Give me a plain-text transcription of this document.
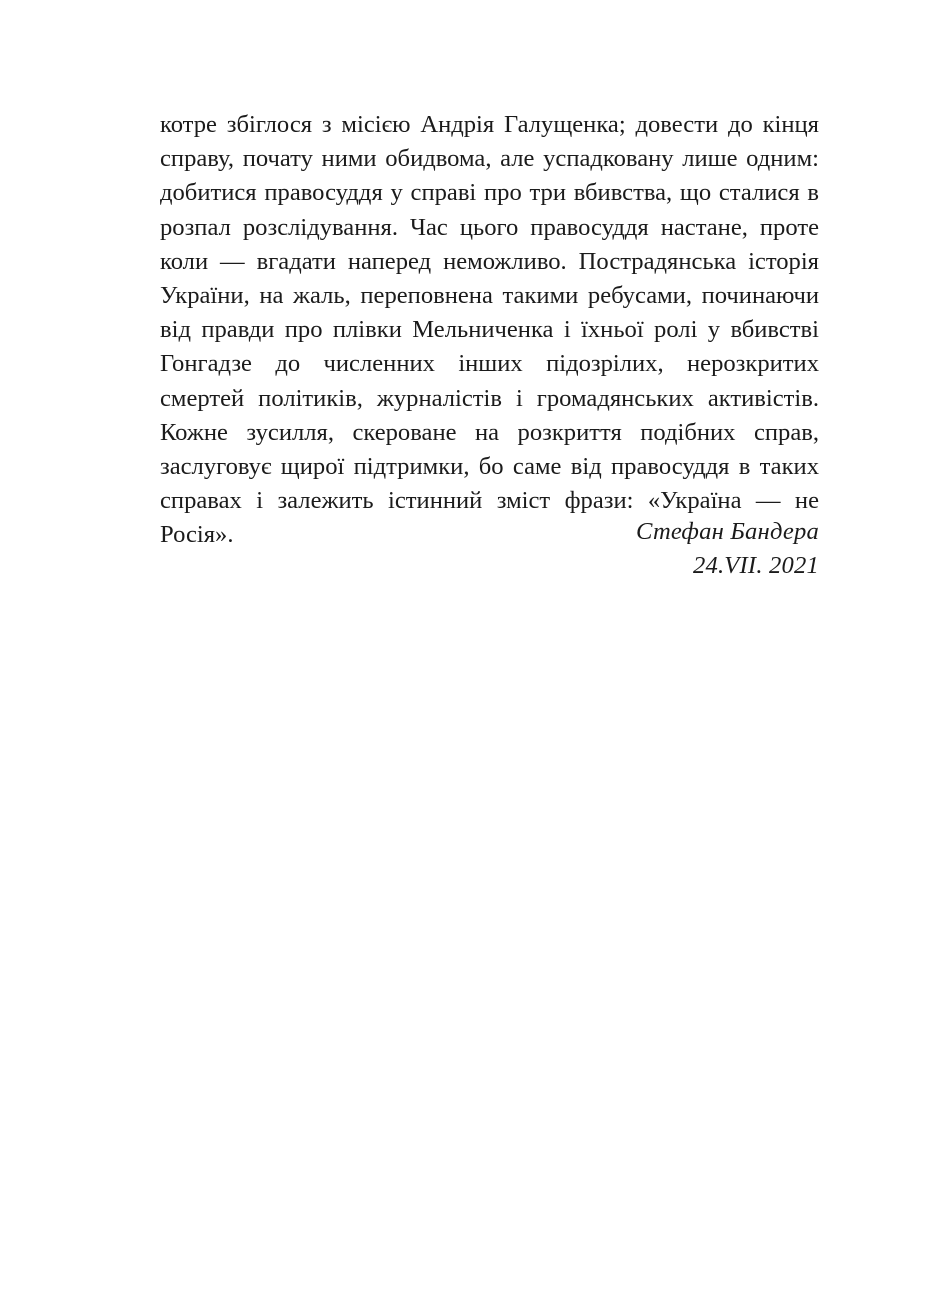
котре збіглося з місією Андрія Галущенка; довести до кінця справу, почату ними обидвома, але успадковану лише одним: добитися правосуддя у справі про три вбивства, що сталися в розпал розслідування. Час цього правосуддя настане, проте коли — вгадати наперед неможливо. Пострадянська історія України, на жаль, переповнена такими ребусами, починаючи від правди про плівки Мельниченка і їхньої ролі у вбивстві Гонгадзе до численних інших підозрілих, нерозкритих смертей політиків, журналістів і громадянських активістів. Кожне зусилля, скероване на розкриття подібних справ, заслуговує щирої підтримки, бо саме від правосуддя в таких справах і залежить істинний зміст фрази: «Україна — не Росія».	Стефан Бандера

24.VII. 2021
